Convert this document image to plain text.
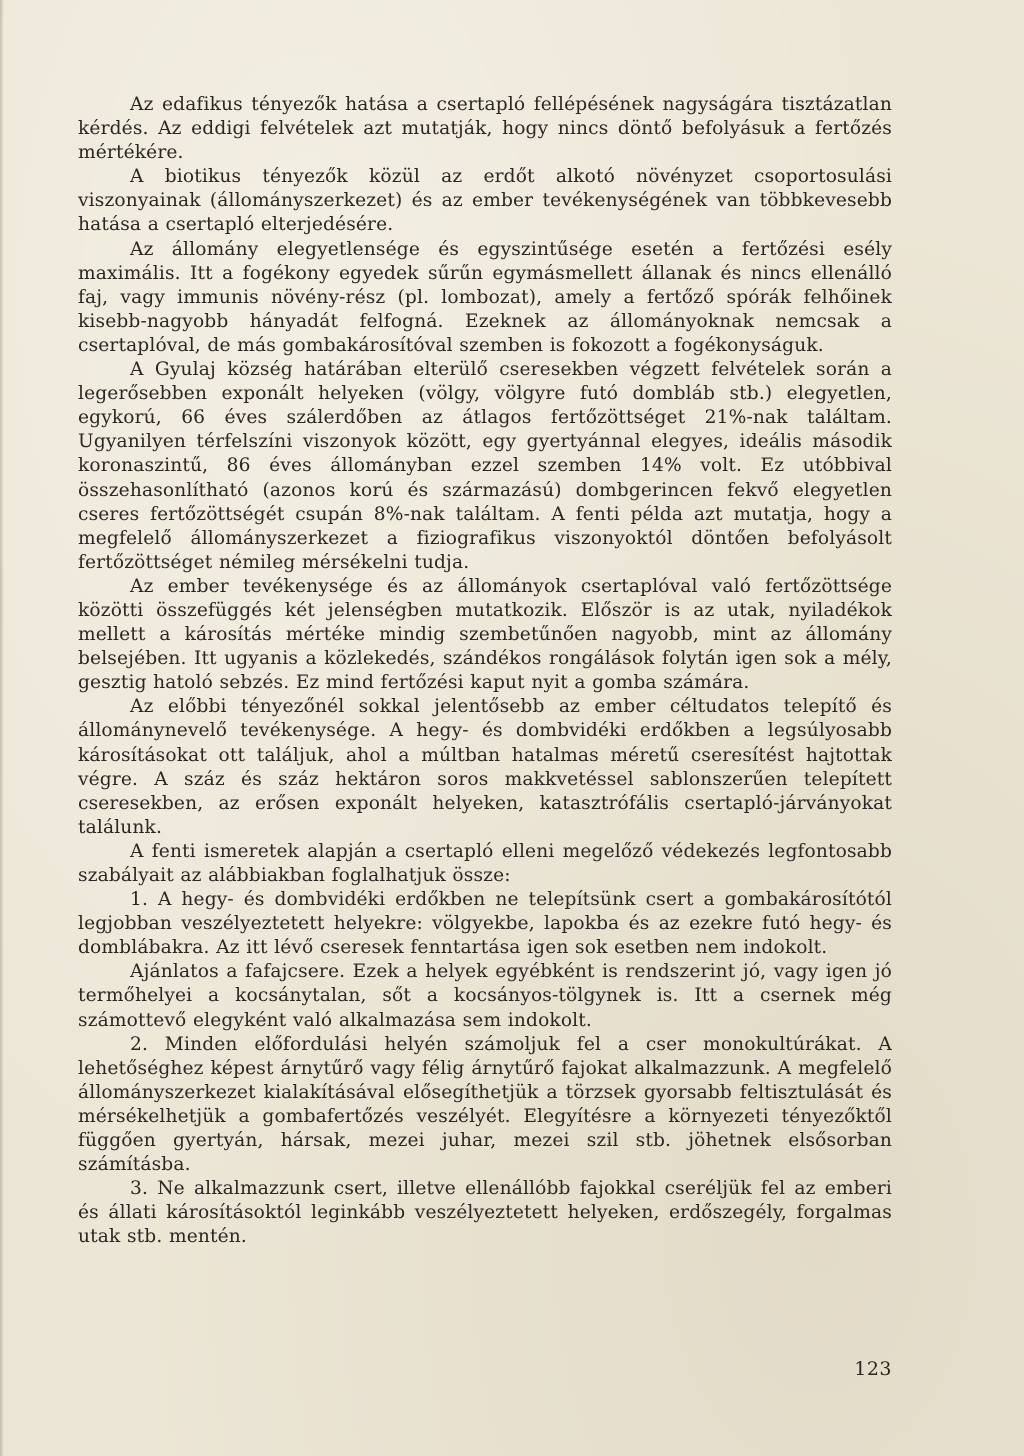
Az edafikus tényezők hatása a csertapló fellépésének nagyságára tisztázatlan kérdés. Az eddigi felvételek azt mutatják, hogy nincs döntő befolyásuk a fertőzés mértékére.

A biotikus tényezők közül az erdőt alkotó növényzet csoportosulási viszonyainak (állományszerkezet) és az ember tevékenységének van többkevesebb hatása a csertapló elterjedésére.

Az állomány elegyetlensége és egyszintűsége esetén a fertőzési esély maximális. Itt a fogékony egyedek sűrűn egymásmellett állanak és nincs ellenálló faj, vagy immunis növény-rész (pl. lombozat), amely a fertőző spórák felhőinek kisebb-nagyobb hányadát felfogná. Ezeknek az állományoknak nemcsak a csertaplóval, de más gombakárosítóval szemben is fokozott a fogékonyságuk.

A Gyulaj község határában elterülő cseresekben végzett felvételek során a legerősebben exponált helyeken (völgy, völgyre futó dombláb stb.) elegyetlen, egykorú, 66 éves szálerdőben az átlagos fertőzöttséget 21%-nak találtam. Ugyanilyen térfelszíni viszonyok között, egy gyertyánnal elegyes, ideális második koronaszintű, 86 éves állományban ezzel szemben 14% volt. Ez utóbbival összehasonlítható (azonos korú és származású) dombgerincen fekvő elegyetlen cseres fertőzöttségét csupán 8%-nak találtam. A fenti példa azt mutatja, hogy a megfelelő állományszerkezet a fiziografikus viszonyoktól döntően befolyásolt fertőzöttséget némileg mérsékelni tudja.

Az ember tevékenysége és az állományok csertaplóval való fertőzöttsége közötti összefüggés két jelenségben mutatkozik. Először is az utak, nyiladékok mellett a károsítás mértéke mindig szembetűnően nagyobb, mint az állomány belsejében. Itt ugyanis a közlekedés, szándékos rongálások folytán igen sok a mély, gesztig hatoló sebzés. Ez mind fertőzési kaput nyit a gomba számára.

Az előbbi tényezőnél sokkal jelentősebb az ember céltudatos telepítő és állománynevelő tevékenysége. A hegy- és dombvidéki erdőkben a legsúlyosabb károsításokat ott találjuk, ahol a múltban hatalmas méretű cseresítést hajtottak végre. A száz és száz hektáron soros makkvetéssel sablonszerűen telepített cseresekben, az erősen exponált helyeken, katasztrófális csertapló-járványokat találunk.

A fenti ismeretek alapján a csertapló elleni megelőző védekezés legfontosabb szabályait az alábbiakban foglalhatjuk össze:

1. A hegy- és dombvidéki erdőkben ne telepítsünk csert a gombakárosítótól legjobban veszélyeztetett helyekre: völgyekbe, lapokba és az ezekre futó hegy- és domblábakra. Az itt lévő cseresek fenntartása igen sok esetben nem indokolt.

Ajánlatos a fafajcsere. Ezek a helyek egyébként is rendszerint jó, vagy igen jó termőhelyei a kocsánytalan, sőt a kocsányos-tölgynek is. Itt a csernek még számottevő elegyként való alkalmazása sem indokolt.

2. Minden előfordulási helyén számoljuk fel a cser monokultúrákat. A lehetőséghez képest árnytűrő vagy félig árnytűrő fajokat alkalmazzunk. A megfelelő állományszerkezet kialakításával elősegíthetjük a törzsek gyorsabb feltisztulását és mérsékelhetjük a gombafertőzés veszélyét. Elegyítésre a környezeti tényezőktől függően gyertyán, hársak, mezei juhar, mezei szil stb. jöhetnek elsősorban számításba.

3. Ne alkalmazzunk csert, illetve ellenállóbb fajokkal cseréljük fel az emberi és állati károsításoktól leginkább veszélyeztetett helyeken, erdőszegély, forgalmas utak stb. mentén.

123
